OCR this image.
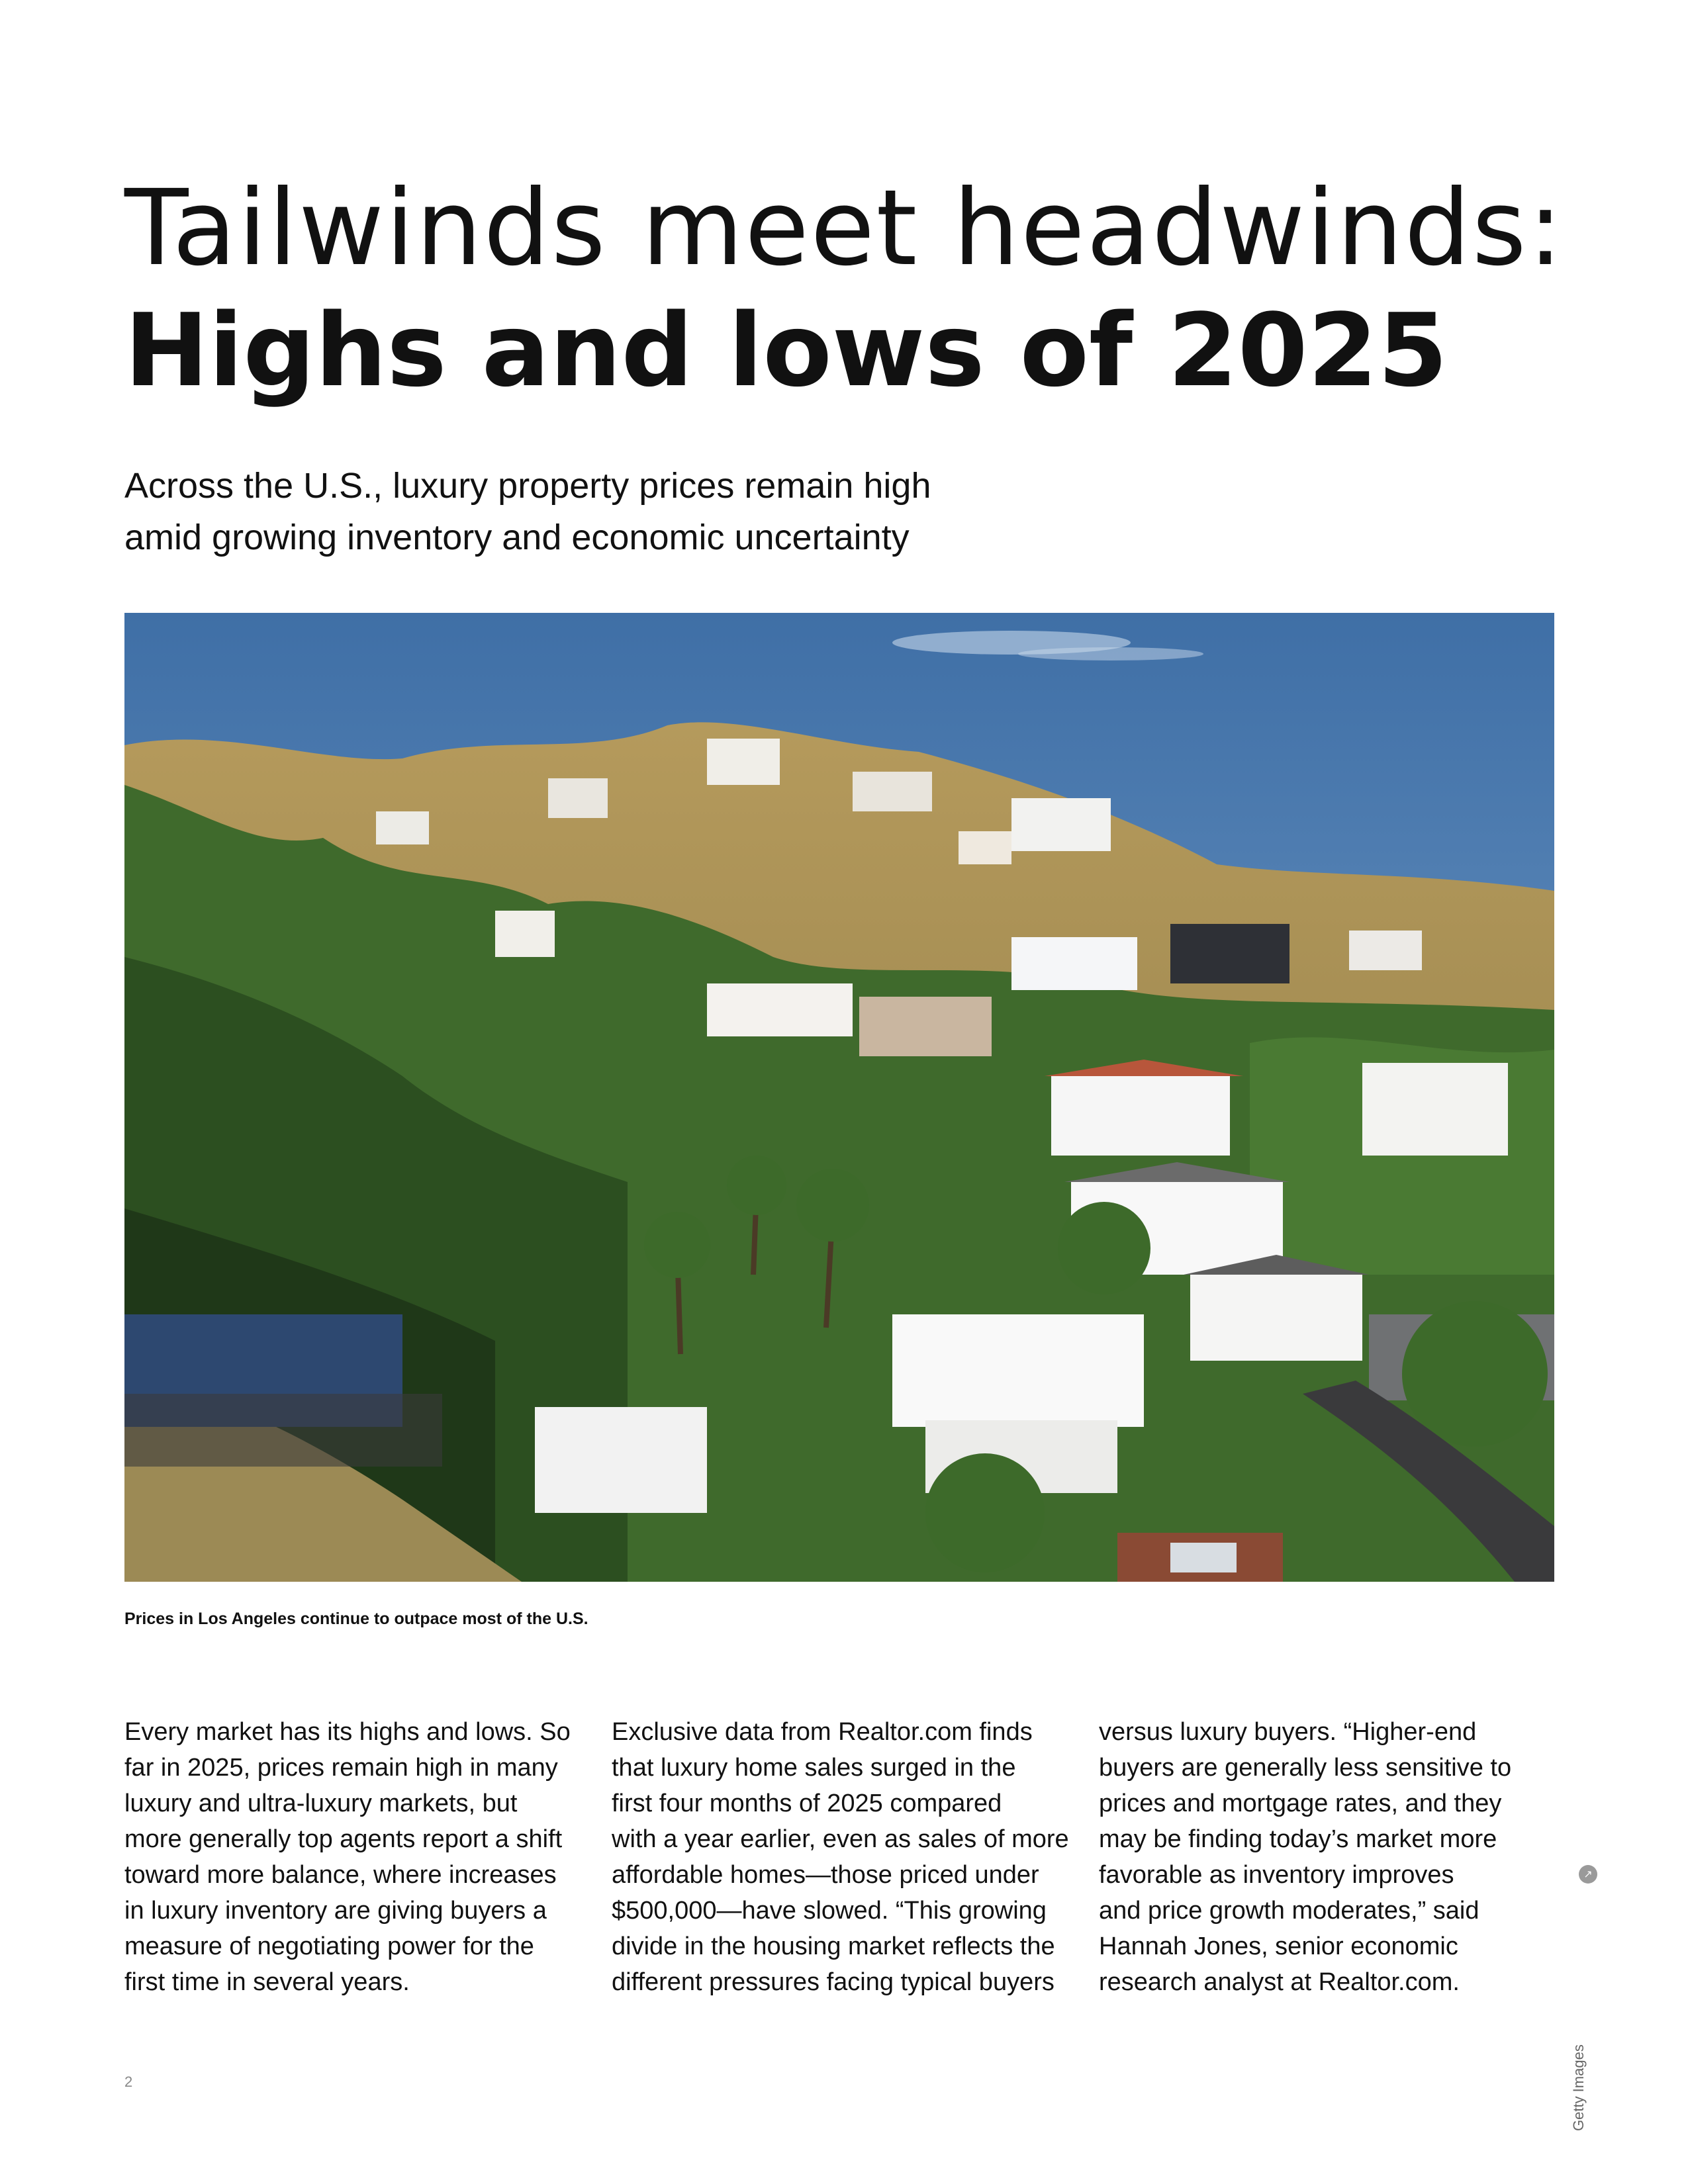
Tailwinds meet headwinds:
Highs and lows of 2025
Across the U.S., luxury property prices remain high
amid growing inventory and economic uncertainty
Prices in Los Angeles continue to outpace most of the U.S.
Every market has its highs and lows. So
far in 2025, prices remain high in many
luxury and ultra-luxury markets, but
more generally top agents report a shift
toward more balance, where increases
in luxury inventory are giving buyers a
measure of negotiating power for the
first time in several years.
Exclusive data from Realtor.com finds
that luxury home sales surged in the
first four months of 2025 compared
with a year earlier, even as sales of more
affordable homes—those priced under
$500,000—have slowed. “This growing
divide in the housing market reflects the
different pressures facing typical buyers
versus luxury buyers. “Higher-end
buyers are generally less sensitive to
prices and mortgage rates, and they
may be finding today’s market more
favorable as inventory improves
and price growth moderates,” said
Hannah Jones, senior economic
research analyst at Realtor.com.
↗
Getty Images
2
